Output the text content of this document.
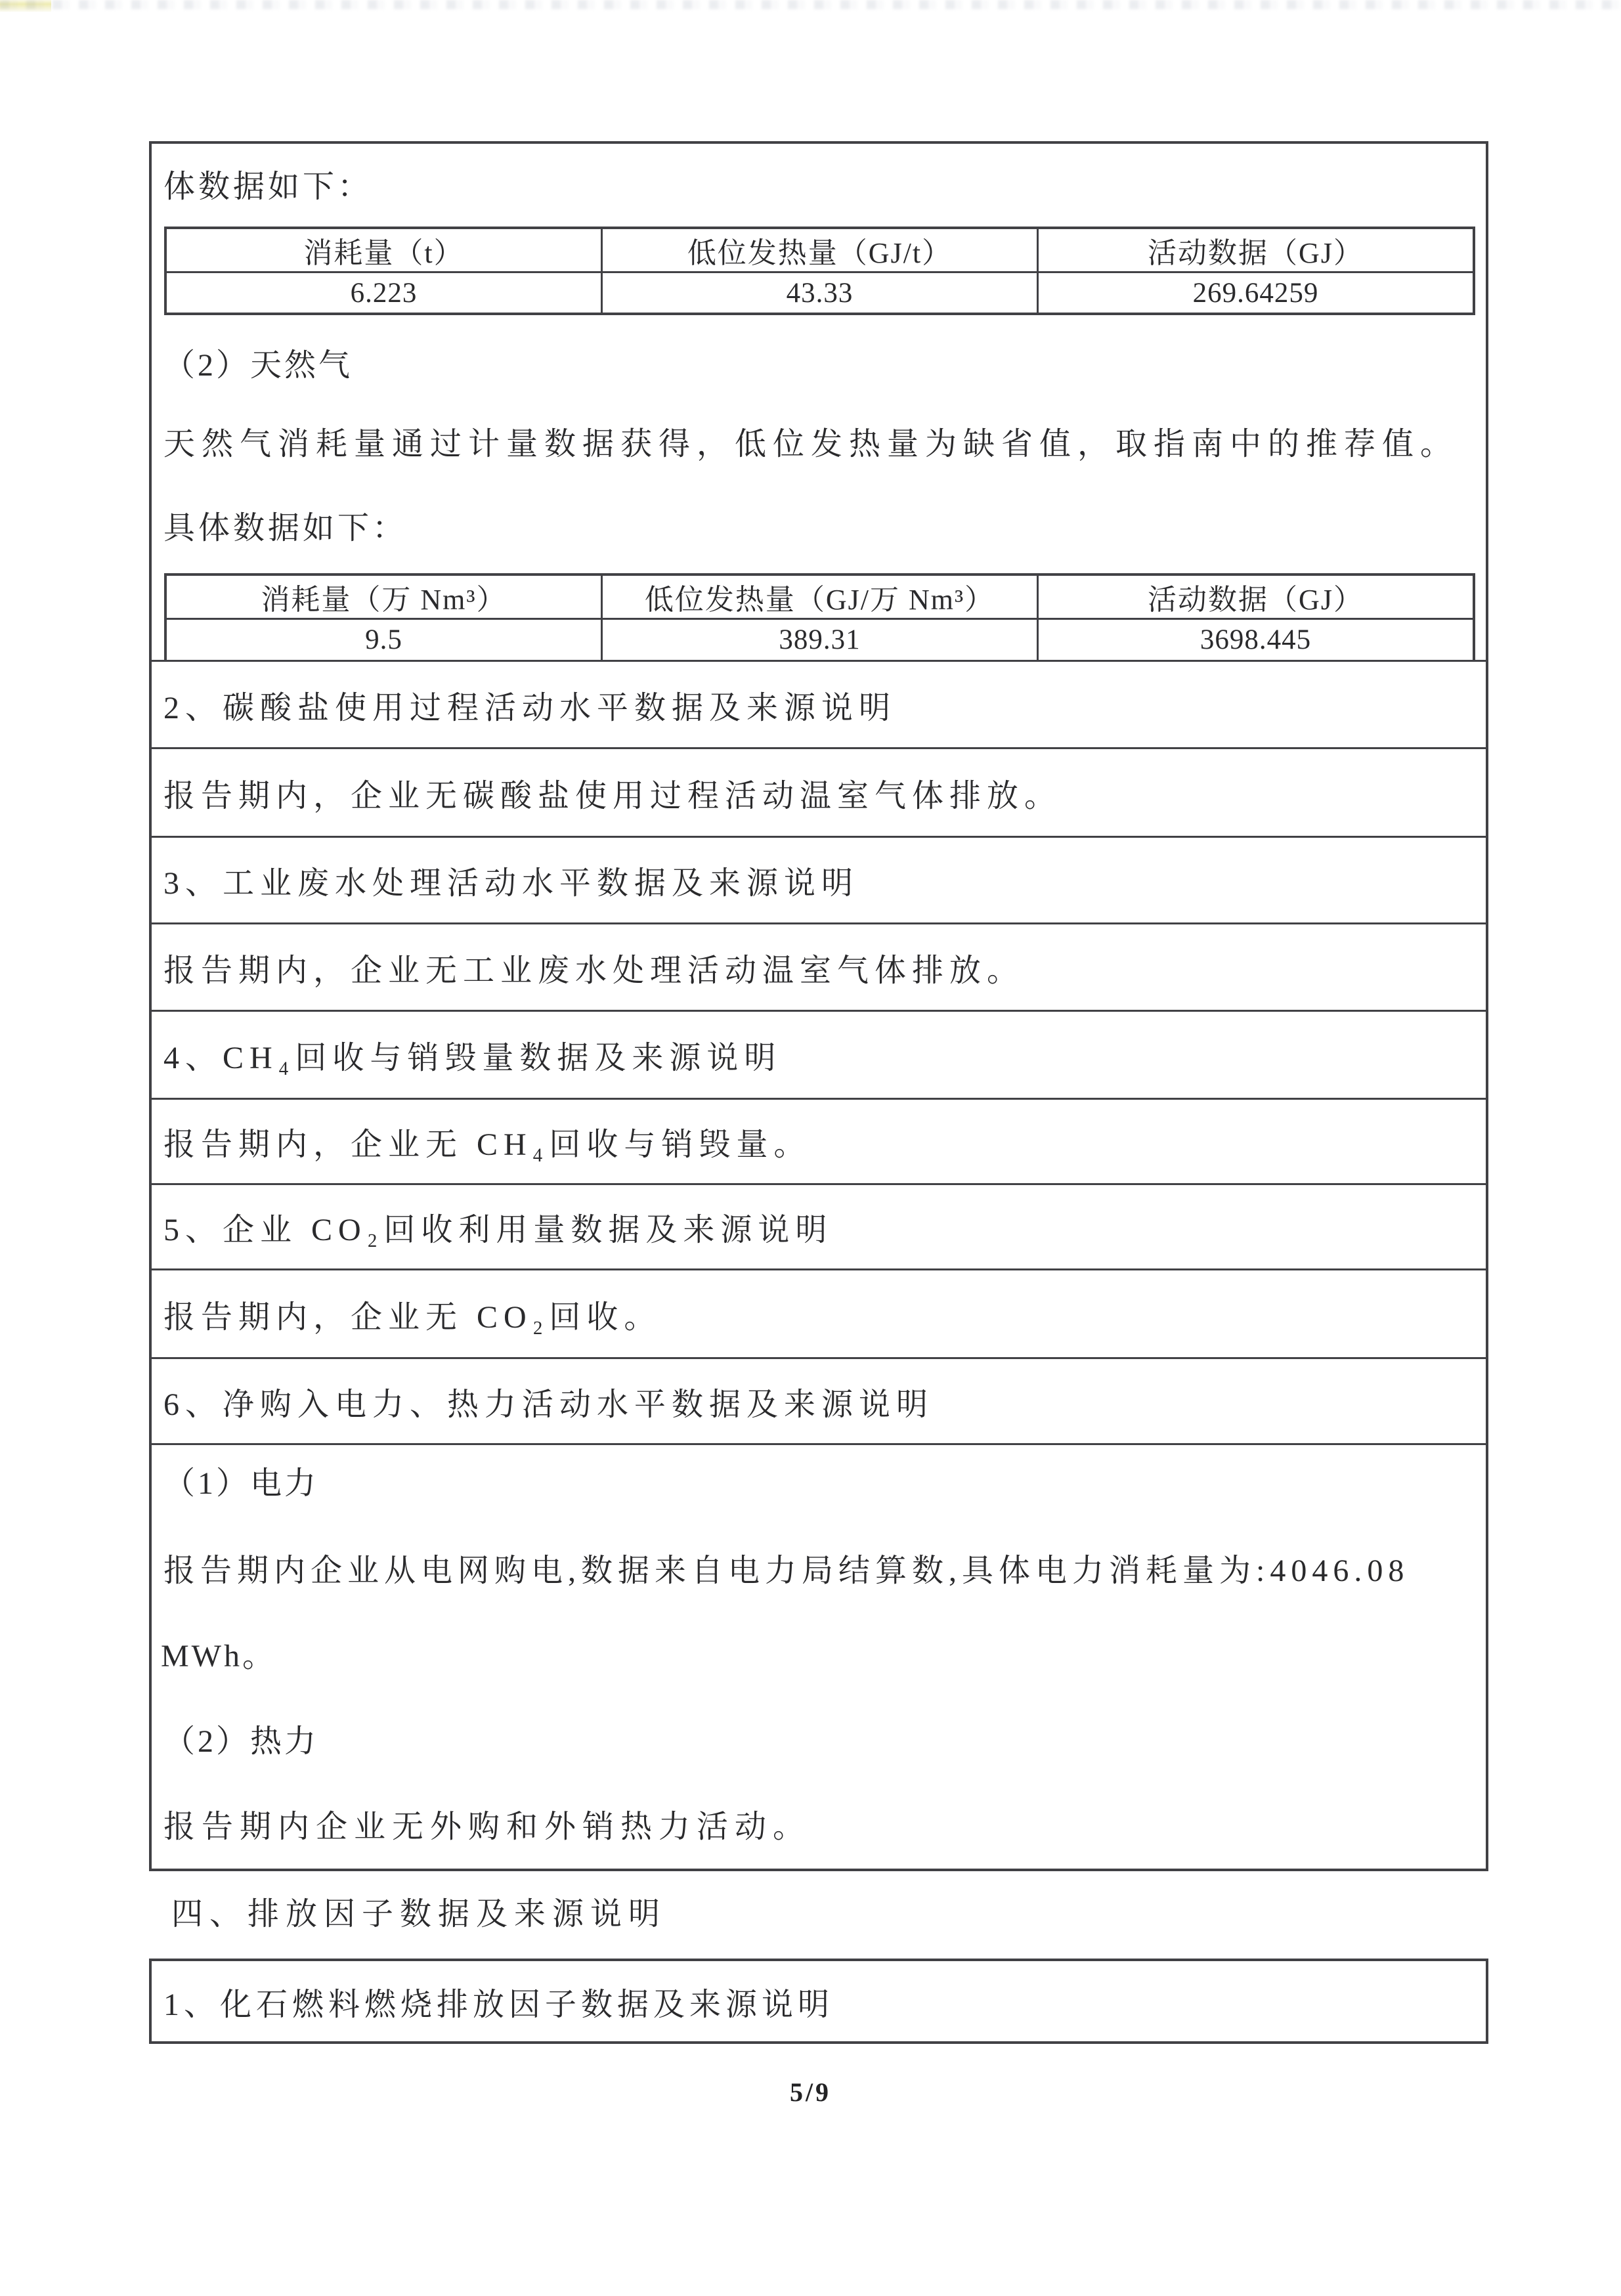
体数据如下：
消耗量（t）	低位发热量（GJ/t）	活动数据（GJ）
6.223	43.33	269.64259
（2）天然气
天然气消耗量通过计量数据获得，低位发热量为缺省值，取指南中的推荐值。
具体数据如下：
消耗量（万 Nm³）	低位发热量（GJ/万 Nm³）	活动数据（GJ）
9.5	389.31	3698.445
2、碳酸盐使用过程活动水平数据及来源说明
报告期内，企业无碳酸盐使用过程活动温室气体排放。
3、工业废水处理活动水平数据及来源说明
报告期内，企业无工业废水处理活动温室气体排放。
4、CH₄回收与销毁量数据及来源说明
报告期内，企业无 CH₄回收与销毁量。
5、企业 CO₂回收利用量数据及来源说明
报告期内，企业无 CO₂回收。
6、净购入电力、热力活动水平数据及来源说明
（1）电力
报告期内企业从电网购电,数据来自电力局结算数,具体电力消耗量为:4046.08
MWh。
（2）热力
报告期内企业无外购和外销热力活动。
四、排放因子数据及来源说明
1、化石燃料燃烧排放因子数据及来源说明
5/9
